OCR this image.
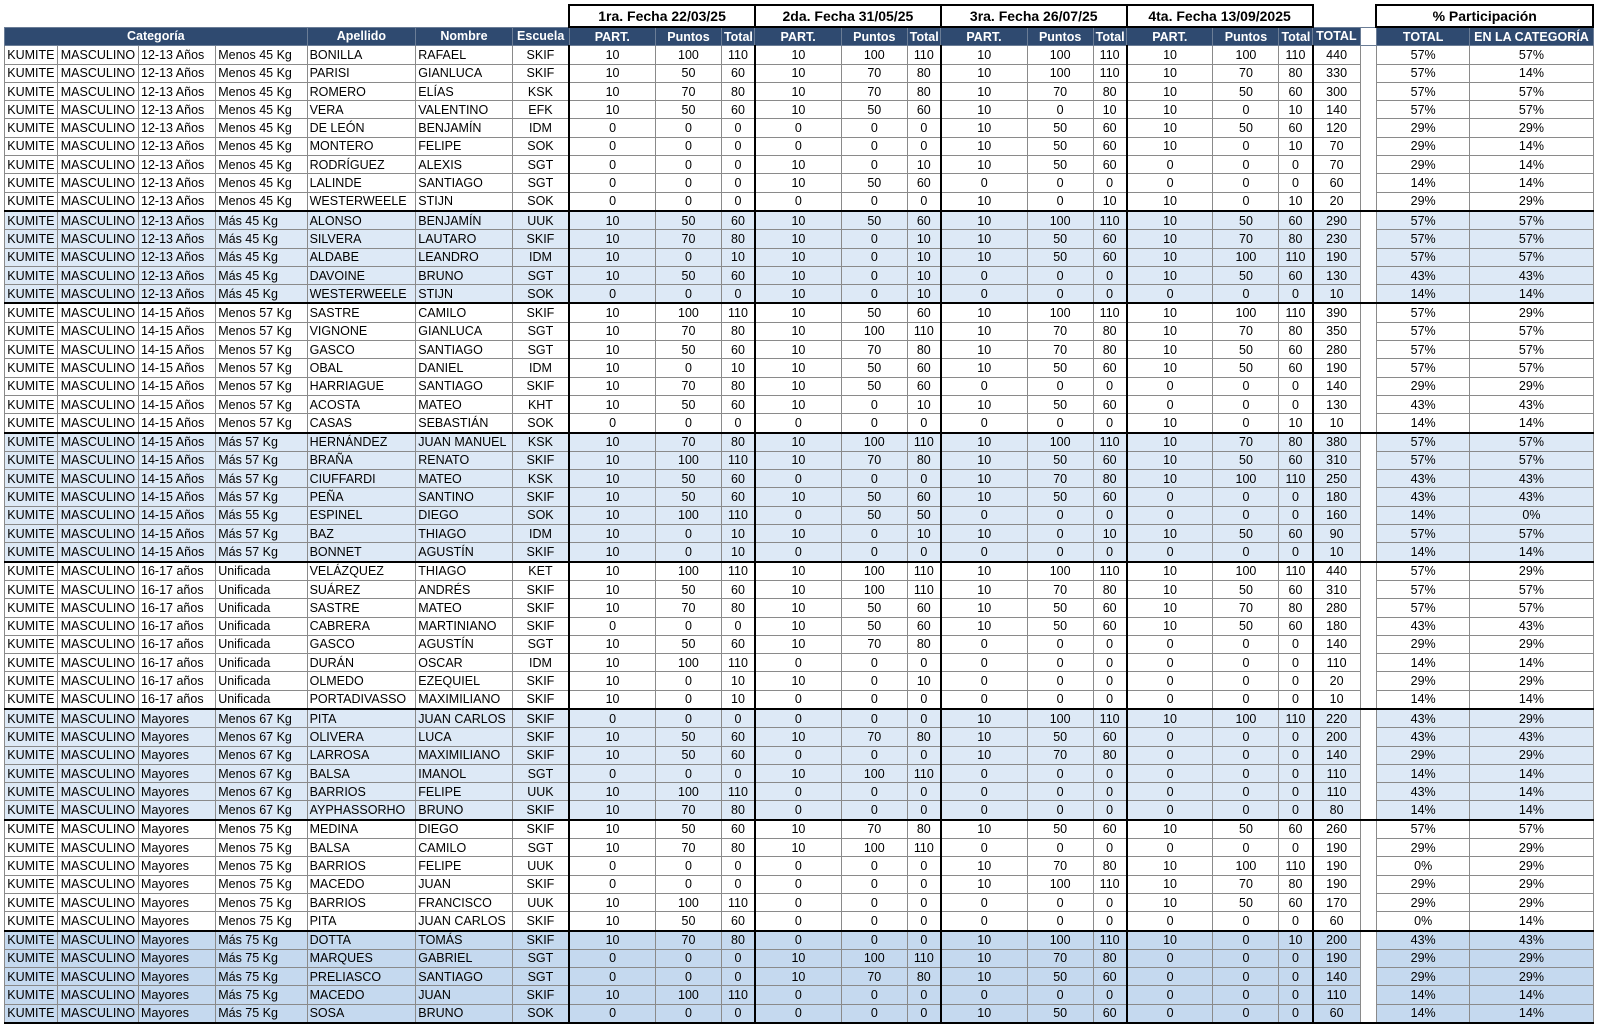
							1ra. Fecha 22/03/25			2da. Fecha 31/05/25			3ra. Fecha 26/07/25			4ta. Fecha 13/09/2025					% Participación	
Categoría				Apellido	Nombre	Escuela	PART.	Puntos	Total	PART.	Puntos	Total	PART.	Puntos	Total	PART.	Puntos	Total	TOTAL		TOTAL	EN LA CATEGORÍA
KUMITE	MASCULINO	12-13 Años	Menos 45 Kg	BONILLA	RAFAEL	SKIF	10	100	110	10	100	110	10	100	110	10	100	110	440		57%	57%
KUMITE	MASCULINO	12-13 Años	Menos 45 Kg	PARISI	GIANLUCA	SKIF	10	50	60	10	70	80	10	100	110	10	70	80	330		57%	14%
KUMITE	MASCULINO	12-13 Años	Menos 45 Kg	ROMERO	ELÍAS	KSK	10	70	80	10	70	80	10	70	80	10	50	60	300		57%	57%
KUMITE	MASCULINO	12-13 Años	Menos 45 Kg	VERA	VALENTINO	EFK	10	50	60	10	50	60	10	0	10	10	0	10	140		57%	57%
KUMITE	MASCULINO	12-13 Años	Menos 45 Kg	DE LEÓN	BENJAMÍN	IDM	0	0	0	0	0	0	10	50	60	10	50	60	120		29%	29%
KUMITE	MASCULINO	12-13 Años	Menos 45 Kg	MONTERO	FELIPE	SOK	0	0	0	0	0	0	10	50	60	10	0	10	70		29%	14%
KUMITE	MASCULINO	12-13 Años	Menos 45 Kg	RODRÍGUEZ	ALEXIS	SGT	0	0	0	10	0	10	10	50	60	0	0	0	70		29%	14%
KUMITE	MASCULINO	12-13 Años	Menos 45 Kg	LALINDE	SANTIAGO	SGT	0	0	0	10	50	60	0	0	0	0	0	0	60		14%	14%
KUMITE	MASCULINO	12-13 Años	Menos 45 Kg	WESTERWEELE	STIJN	SOK	0	0	0	0	0	0	10	0	10	10	0	10	20		29%	29%
KUMITE	MASCULINO	12-13 Años	Más 45 Kg	ALONSO	BENJAMÍN	UUK	10	50	60	10	50	60	10	100	110	10	50	60	290		57%	57%
KUMITE	MASCULINO	12-13 Años	Más 45 Kg	SILVERA	LAUTARO	SKIF	10	70	80	10	0	10	10	50	60	10	70	80	230		57%	57%
KUMITE	MASCULINO	12-13 Años	Más 45 Kg	ALDABE	LEANDRO	IDM	10	0	10	10	0	10	10	50	60	10	100	110	190		57%	57%
KUMITE	MASCULINO	12-13 Años	Más 45 Kg	DAVOINE	BRUNO	SGT	10	50	60	10	0	10	0	0	0	10	50	60	130		43%	43%
KUMITE	MASCULINO	12-13 Años	Más 45 Kg	WESTERWEELE	STIJN	SOK	0	0	0	10	0	10	0	0	0	0	0	0	10		14%	14%
KUMITE	MASCULINO	14-15 Años	Menos 57 Kg	SASTRE	CAMILO	SKIF	10	100	110	10	50	60	10	100	110	10	100	110	390		57%	29%
KUMITE	MASCULINO	14-15 Años	Menos 57 Kg	VIGNONE	GIANLUCA	SGT	10	70	80	10	100	110	10	70	80	10	70	80	350		57%	57%
KUMITE	MASCULINO	14-15 Años	Menos 57 Kg	GASCO	SANTIAGO	SGT	10	50	60	10	70	80	10	70	80	10	50	60	280		57%	57%
KUMITE	MASCULINO	14-15 Años	Menos 57 Kg	OBAL	DANIEL	IDM	10	0	10	10	50	60	10	50	60	10	50	60	190		57%	57%
KUMITE	MASCULINO	14-15 Años	Menos 57 Kg	HARRIAGUE	SANTIAGO	SKIF	10	70	80	10	50	60	0	0	0	0	0	0	140		29%	29%
KUMITE	MASCULINO	14-15 Años	Menos 57 Kg	ACOSTA	MATEO	KHT	10	50	60	10	0	10	10	50	60	0	0	0	130		43%	43%
KUMITE	MASCULINO	14-15 Años	Menos 57 Kg	CASAS	SEBASTIÁN	SOK	0	0	0	0	0	0	0	0	0	10	0	10	10		14%	14%
KUMITE	MASCULINO	14-15 Años	Más 57 Kg	HERNÁNDEZ	JUAN MANUEL	KSK	10	70	80	10	100	110	10	100	110	10	70	80	380		57%	57%
KUMITE	MASCULINO	14-15 Años	Más 57 Kg	BRAÑA	RENATO	SKIF	10	100	110	10	70	80	10	50	60	10	50	60	310		57%	57%
KUMITE	MASCULINO	14-15 Años	Más 57 Kg	CIUFFARDI	MATEO	KSK	10	50	60	0	0	0	10	70	80	10	100	110	250		43%	43%
KUMITE	MASCULINO	14-15 Años	Más 57 Kg	PEÑA	SANTINO	SKIF	10	50	60	10	50	60	10	50	60	0	0	0	180		43%	43%
KUMITE	MASCULINO	14-15 Años	Más 55 Kg	ESPINEL	DIEGO	SOK	10	100	110	0	50	50	0	0	0	0	0	0	160		14%	0%
KUMITE	MASCULINO	14-15 Años	Más 57 Kg	BAZ	THIAGO	IDM	10	0	10	10	0	10	10	0	10	10	50	60	90		57%	57%
KUMITE	MASCULINO	14-15 Años	Más 57 Kg	BONNET	AGUSTÍN	SKIF	10	0	10	0	0	0	0	0	0	0	0	0	10		14%	14%
KUMITE	MASCULINO	16-17 años	Unificada	VELÁZQUEZ	THIAGO	KET	10	100	110	10	100	110	10	100	110	10	100	110	440		57%	29%
KUMITE	MASCULINO	16-17 años	Unificada	SUÁREZ	ANDRÉS	SKIF	10	50	60	10	100	110	10	70	80	10	50	60	310		57%	57%
KUMITE	MASCULINO	16-17 años	Unificada	SASTRE	MATEO	SKIF	10	70	80	10	50	60	10	50	60	10	70	80	280		57%	57%
KUMITE	MASCULINO	16-17 años	Unificada	CABRERA	MARTINIANO	SKIF	0	0	0	10	50	60	10	50	60	10	50	60	180		43%	43%
KUMITE	MASCULINO	16-17 años	Unificada	GASCO	AGUSTÍN	SGT	10	50	60	10	70	80	0	0	0	0	0	0	140		29%	29%
KUMITE	MASCULINO	16-17 años	Unificada	DURÁN	OSCAR	IDM	10	100	110	0	0	0	0	0	0	0	0	0	110		14%	14%
KUMITE	MASCULINO	16-17 años	Unificada	OLMEDO	EZEQUIEL	SKIF	10	0	10	10	0	10	0	0	0	0	0	0	20		29%	29%
KUMITE	MASCULINO	16-17 años	Unificada	PORTADIVASSO	MAXIMILIANO	SKIF	10	0	10	0	0	0	0	0	0	0	0	0	10		14%	14%
KUMITE	MASCULINO	Mayores	Menos 67 Kg	PITA	JUAN CARLOS	SKIF	0	0	0	0	0	0	10	100	110	10	100	110	220		43%	29%
KUMITE	MASCULINO	Mayores	Menos 67 Kg	OLIVERA	LUCA	SKIF	10	50	60	10	70	80	10	50	60	0	0	0	200		43%	43%
KUMITE	MASCULINO	Mayores	Menos 67 Kg	LARROSA	MAXIMILIANO	SKIF	10	50	60	0	0	0	10	70	80	0	0	0	140		29%	29%
KUMITE	MASCULINO	Mayores	Menos 67 Kg	BALSA	IMANOL	SGT	0	0	0	10	100	110	0	0	0	0	0	0	110		14%	14%
KUMITE	MASCULINO	Mayores	Menos 67 Kg	BARRIOS	FELIPE	UUK	10	100	110	0	0	0	0	0	0	0	0	0	110		43%	14%
KUMITE	MASCULINO	Mayores	Menos 67 Kg	AYPHASSORHO	BRUNO	SKIF	10	70	80	0	0	0	0	0	0	0	0	0	80		14%	14%
KUMITE	MASCULINO	Mayores	Menos 75 Kg	MEDINA	DIEGO	SKIF	10	50	60	10	70	80	10	50	60	10	50	60	260		57%	57%
KUMITE	MASCULINO	Mayores	Menos 75 Kg	BALSA	CAMILO	SGT	10	70	80	10	100	110	0	0	0	0	0	0	190		29%	29%
KUMITE	MASCULINO	Mayores	Menos 75 Kg	BARRIOS	FELIPE	UUK	0	0	0	0	0	0	10	70	80	10	100	110	190		0%	29%
KUMITE	MASCULINO	Mayores	Menos 75 Kg	MACEDO	JUAN	SKIF	0	0	0	0	0	0	10	100	110	10	70	80	190		29%	29%
KUMITE	MASCULINO	Mayores	Menos 75 Kg	BARRIOS	FRANCISCO	UUK	10	100	110	0	0	0	0	0	0	10	50	60	170		29%	29%
KUMITE	MASCULINO	Mayores	Menos 75 Kg	PITA	JUAN CARLOS	SKIF	10	50	60	0	0	0	0	0	0	0	0	0	60		0%	14%
KUMITE	MASCULINO	Mayores	Más 75 Kg	DOTTA	TOMÁS	SKIF	10	70	80	0	0	0	10	100	110	10	0	10	200		43%	43%
KUMITE	MASCULINO	Mayores	Más 75 Kg	MARQUES	GABRIEL	SGT	0	0	0	10	100	110	10	70	80	0	0	0	190		29%	29%
KUMITE	MASCULINO	Mayores	Más 75 Kg	PRELIASCO	SANTIAGO	SGT	0	0	0	10	70	80	10	50	60	0	0	0	140		29%	29%
KUMITE	MASCULINO	Mayores	Más 75 Kg	MACEDO	JUAN	SKIF	10	100	110	0	0	0	0	0	0	0	0	0	110		14%	14%
KUMITE	MASCULINO	Mayores	Más 75 Kg	SOSA	BRUNO	SOK	0	0	0	0	0	0	10	50	60	0	0	0	60		14%	14%
